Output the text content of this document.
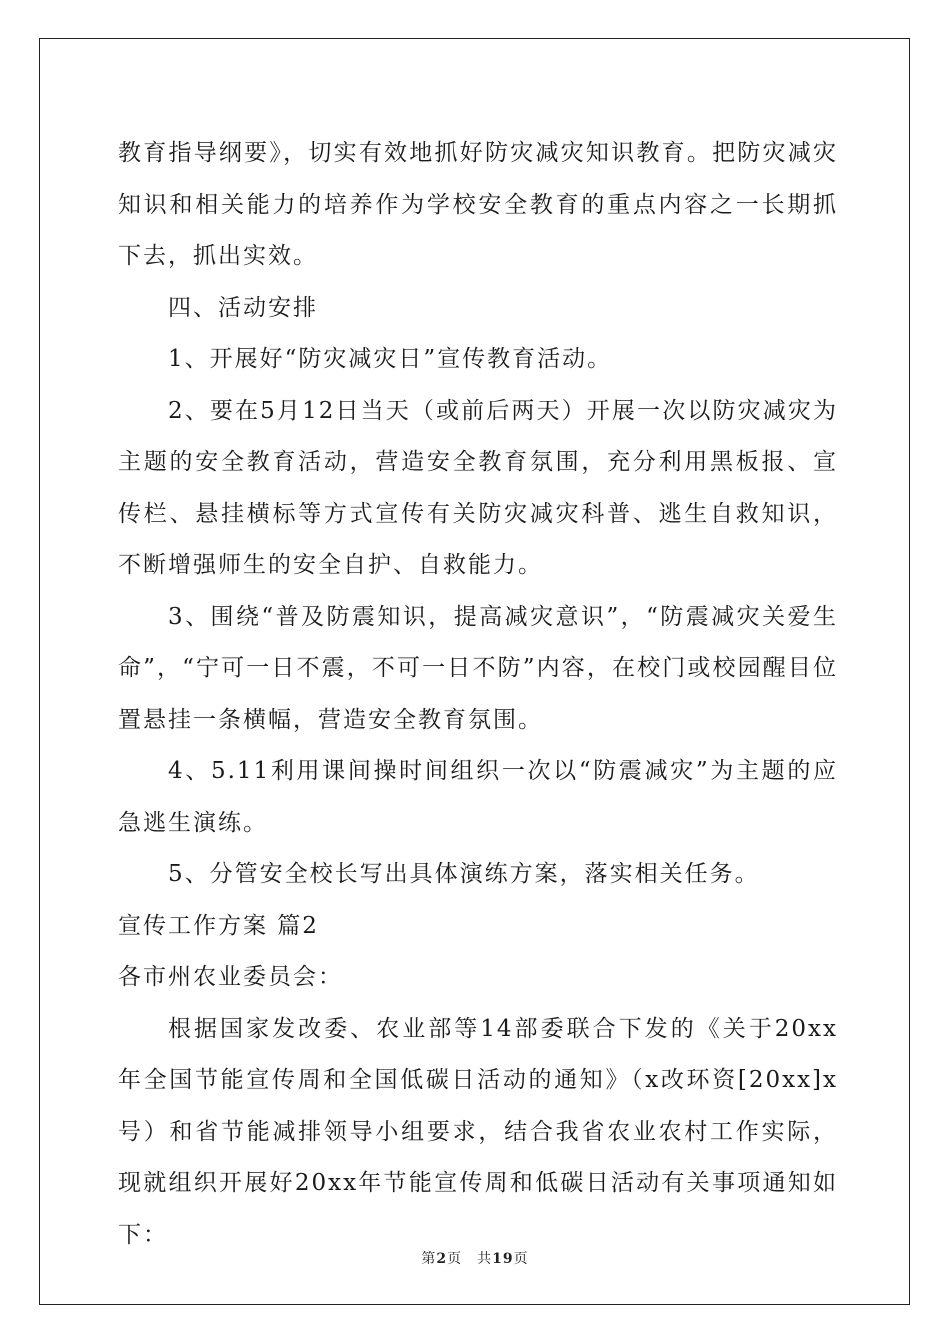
教育指导纲要》，切实有效地抓好防灾减灾知识教育。把防灾减灾知识和相关能力的培养作为学校安全教育的重点内容之一长期抓下去，抓出实效。

四、活动安排

1、开展好“防灾减灾日”宣传教育活动。

2、要在5月12日当天（或前后两天）开展一次以防灾减灾为主题的安全教育活动，营造安全教育氛围，充分利用黑板报、宣传栏、悬挂横标等方式宣传有关防灾减灾科普、逃生自救知识，不断增强师生的安全自护、自救能力。

3、围绕“普及防震知识，提高减灾意识”，“防震减灾关爱生命”，“宁可一日不震，不可一日不防”内容，在校门或校园醒目位置悬挂一条横幅，营造安全教育氛围。

4、5.11利用课间操时间组织一次以“防震减灾”为主题的应急逃生演练。

5、分管安全校长写出具体演练方案，落实相关任务。

宣传工作方案 篇2

各市州农业委员会：

根据国家发改委、农业部等14部委联合下发的《关于20xx年全国节能宣传周和全国低碳日活动的通知》（x改环资[20xx]x号）和省节能减排领导小组要求，结合我省农业农村工作实际，现就组织开展好20xx年节能宣传周和低碳日活动有关事项通知如下：

第2页　共19页
